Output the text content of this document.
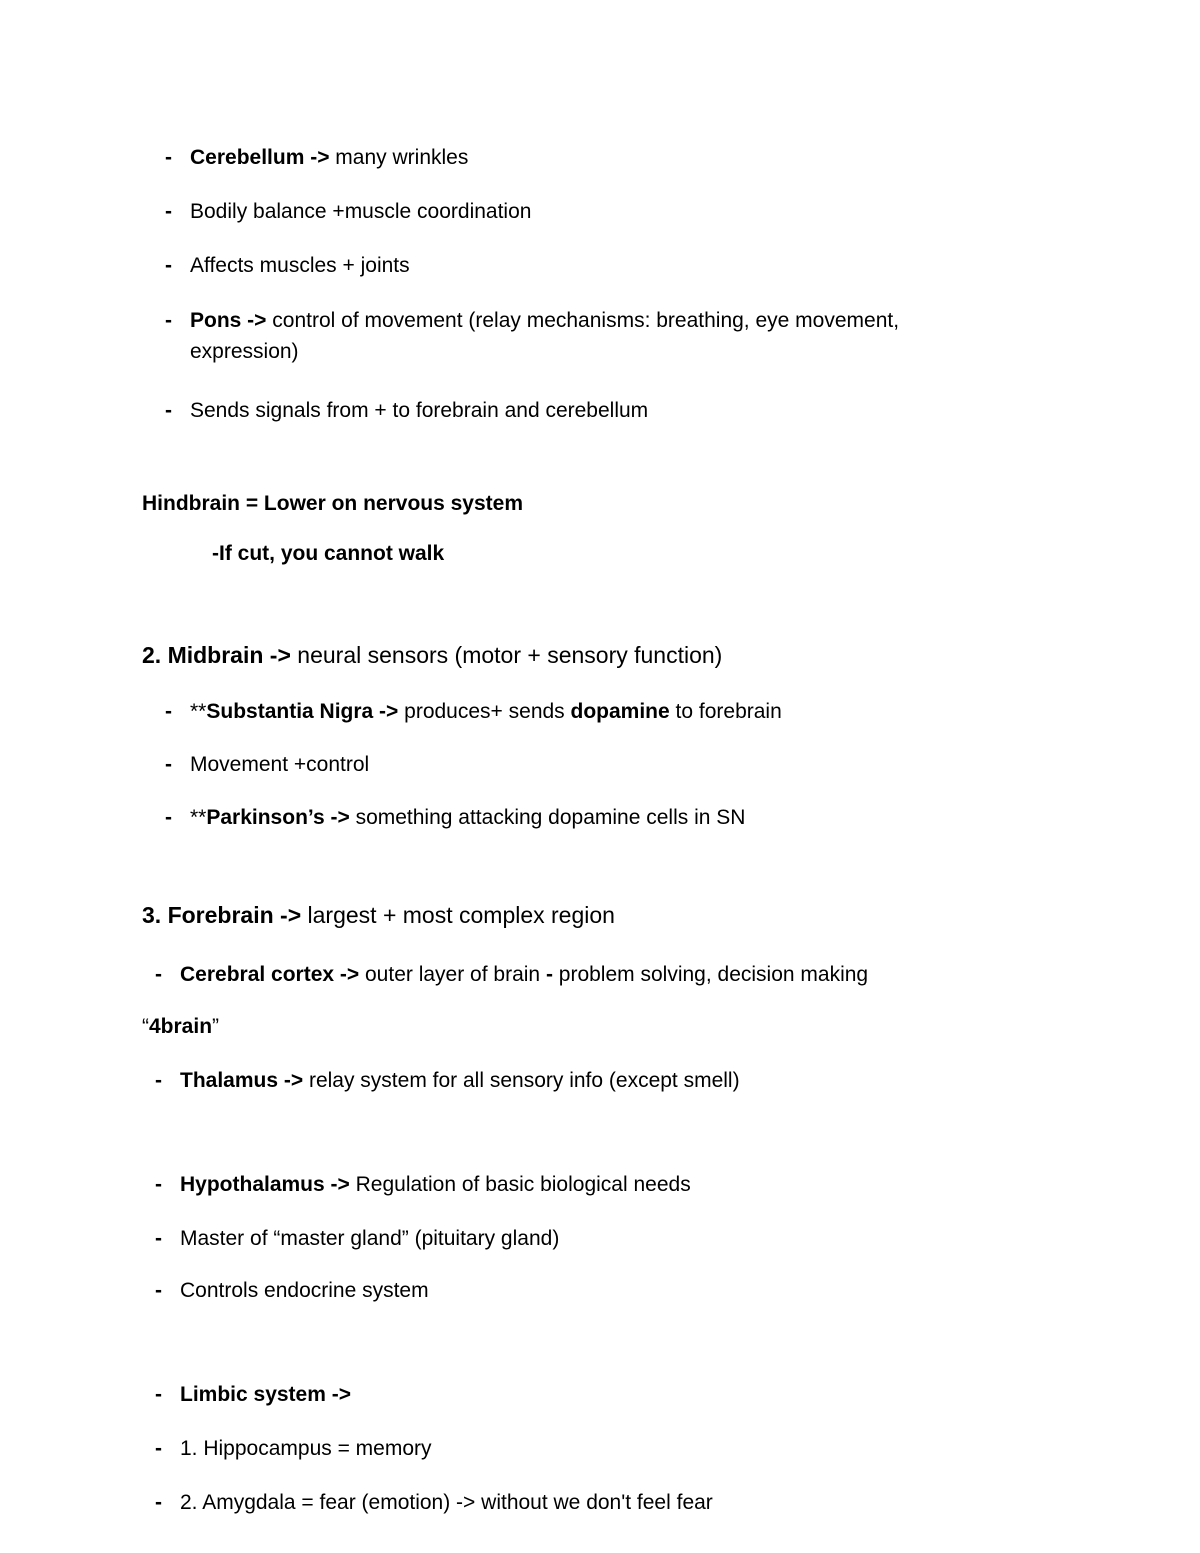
- Cerebellum -> many wrinkles
- Bodily balance +muscle coordination
- Affects muscles + joints
- Pons -> control of movement (relay mechanisms: breathing, eye movement,
expression)
- Sends signals from + to forebrain and cerebellum
Hindbrain = Lower on nervous system
-If cut, you cannot walk
2. Midbrain -> neural sensors (motor + sensory function)
- **Substantia Nigra -> produces+ sends dopamine to forebrain
- Movement +control
- **Parkinson’s -> something attacking dopamine cells in SN
3. Forebrain -> largest + most complex region
- Cerebral cortex -> outer layer of brain - problem solving, decision making
“4brain”
- Thalamus -> relay system for all sensory info (except smell)
- Hypothalamus -> Regulation of basic biological needs
- Master of “master gland” (pituitary gland)
- Controls endocrine system
- Limbic system ->
- 1. Hippocampus = memory
- 2. Amygdala = fear (emotion) -> without we don't feel fear
